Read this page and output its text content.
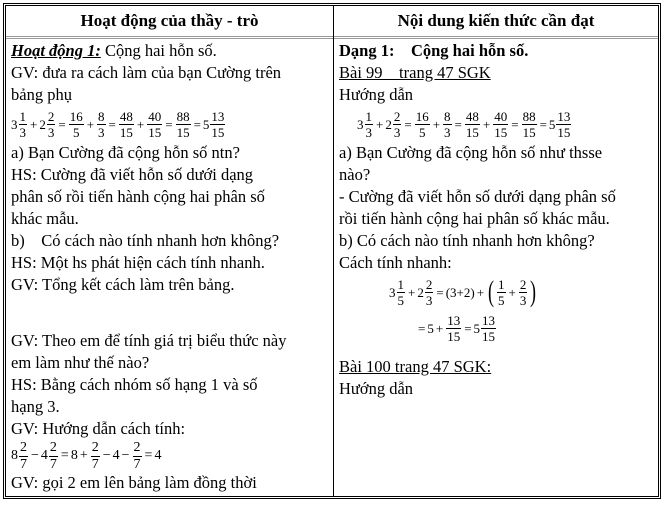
Hoạt động của thầy - trò	Nội dung kiến thức cần đạt
Hoạt động 1: Cộng hai hỗn số.
GV: đưa ra cách làm của bạn Cường trên
bảng phụ
$3 \frac{1}{3} + 2 \frac{2}{3} = \frac{16}{5} + \frac{8}{3} = \frac{48}{15} + \frac{40}{15} = \frac{88}{15} = 5 \frac{13}{15}$
a) Bạn Cường đã cộng hỗn số ntn?
HS: Cường đã viết hỗn số dưới dạng
phân số rồi tiến hành cộng hai phân số
khác mẫu.
b)    Có cách nào tính nhanh hơn không?
HS: Một hs phát hiện cách tính nhanh.
GV: Tổng kết cách làm trên bảng.
GV: Theo em để tính giá trị biểu thức này
em làm như thế nào?
HS: Bằng cách nhóm số hạng 1 và số
hạng 3.
GV: Hướng dẫn cách tính:
$8 \frac{2}{7} - 4 \frac{2}{7} = 8 + \frac{2}{7} - 4 - \frac{2}{7} = 4$
GV: gọi 2 em lên bảng làm đồng thời
Dạng 1:    Cộng hai hỗn số.
Bài 99    trang 47 SGK
Hướng dẫn
$3 \frac{1}{3} + 2 \frac{2}{3} = \frac{16}{5} + \frac{8}{3} = \frac{48}{15} + \frac{40}{15} = \frac{88}{15} = 5 \frac{13}{15}$
a) Bạn Cường đã cộng hỗn số như thsse
nào?
- Cường đã viết hỗn số dưới dạng phân số
rồi tiến hành cộng hai phân số khác mẫu.
b) Có cách nào tính nhanh hơn không?
Cách tính nhanh:
$3 \frac{1}{5} + 2 \frac{2}{3} = (3+2)$ + ( $\frac{1}{5} + \frac{2}{3}$ )
= $5 + \frac{13}{15} = 5 \frac{13}{15}$
Bài 100 trang 47 SGK:
Hướng dẫn
